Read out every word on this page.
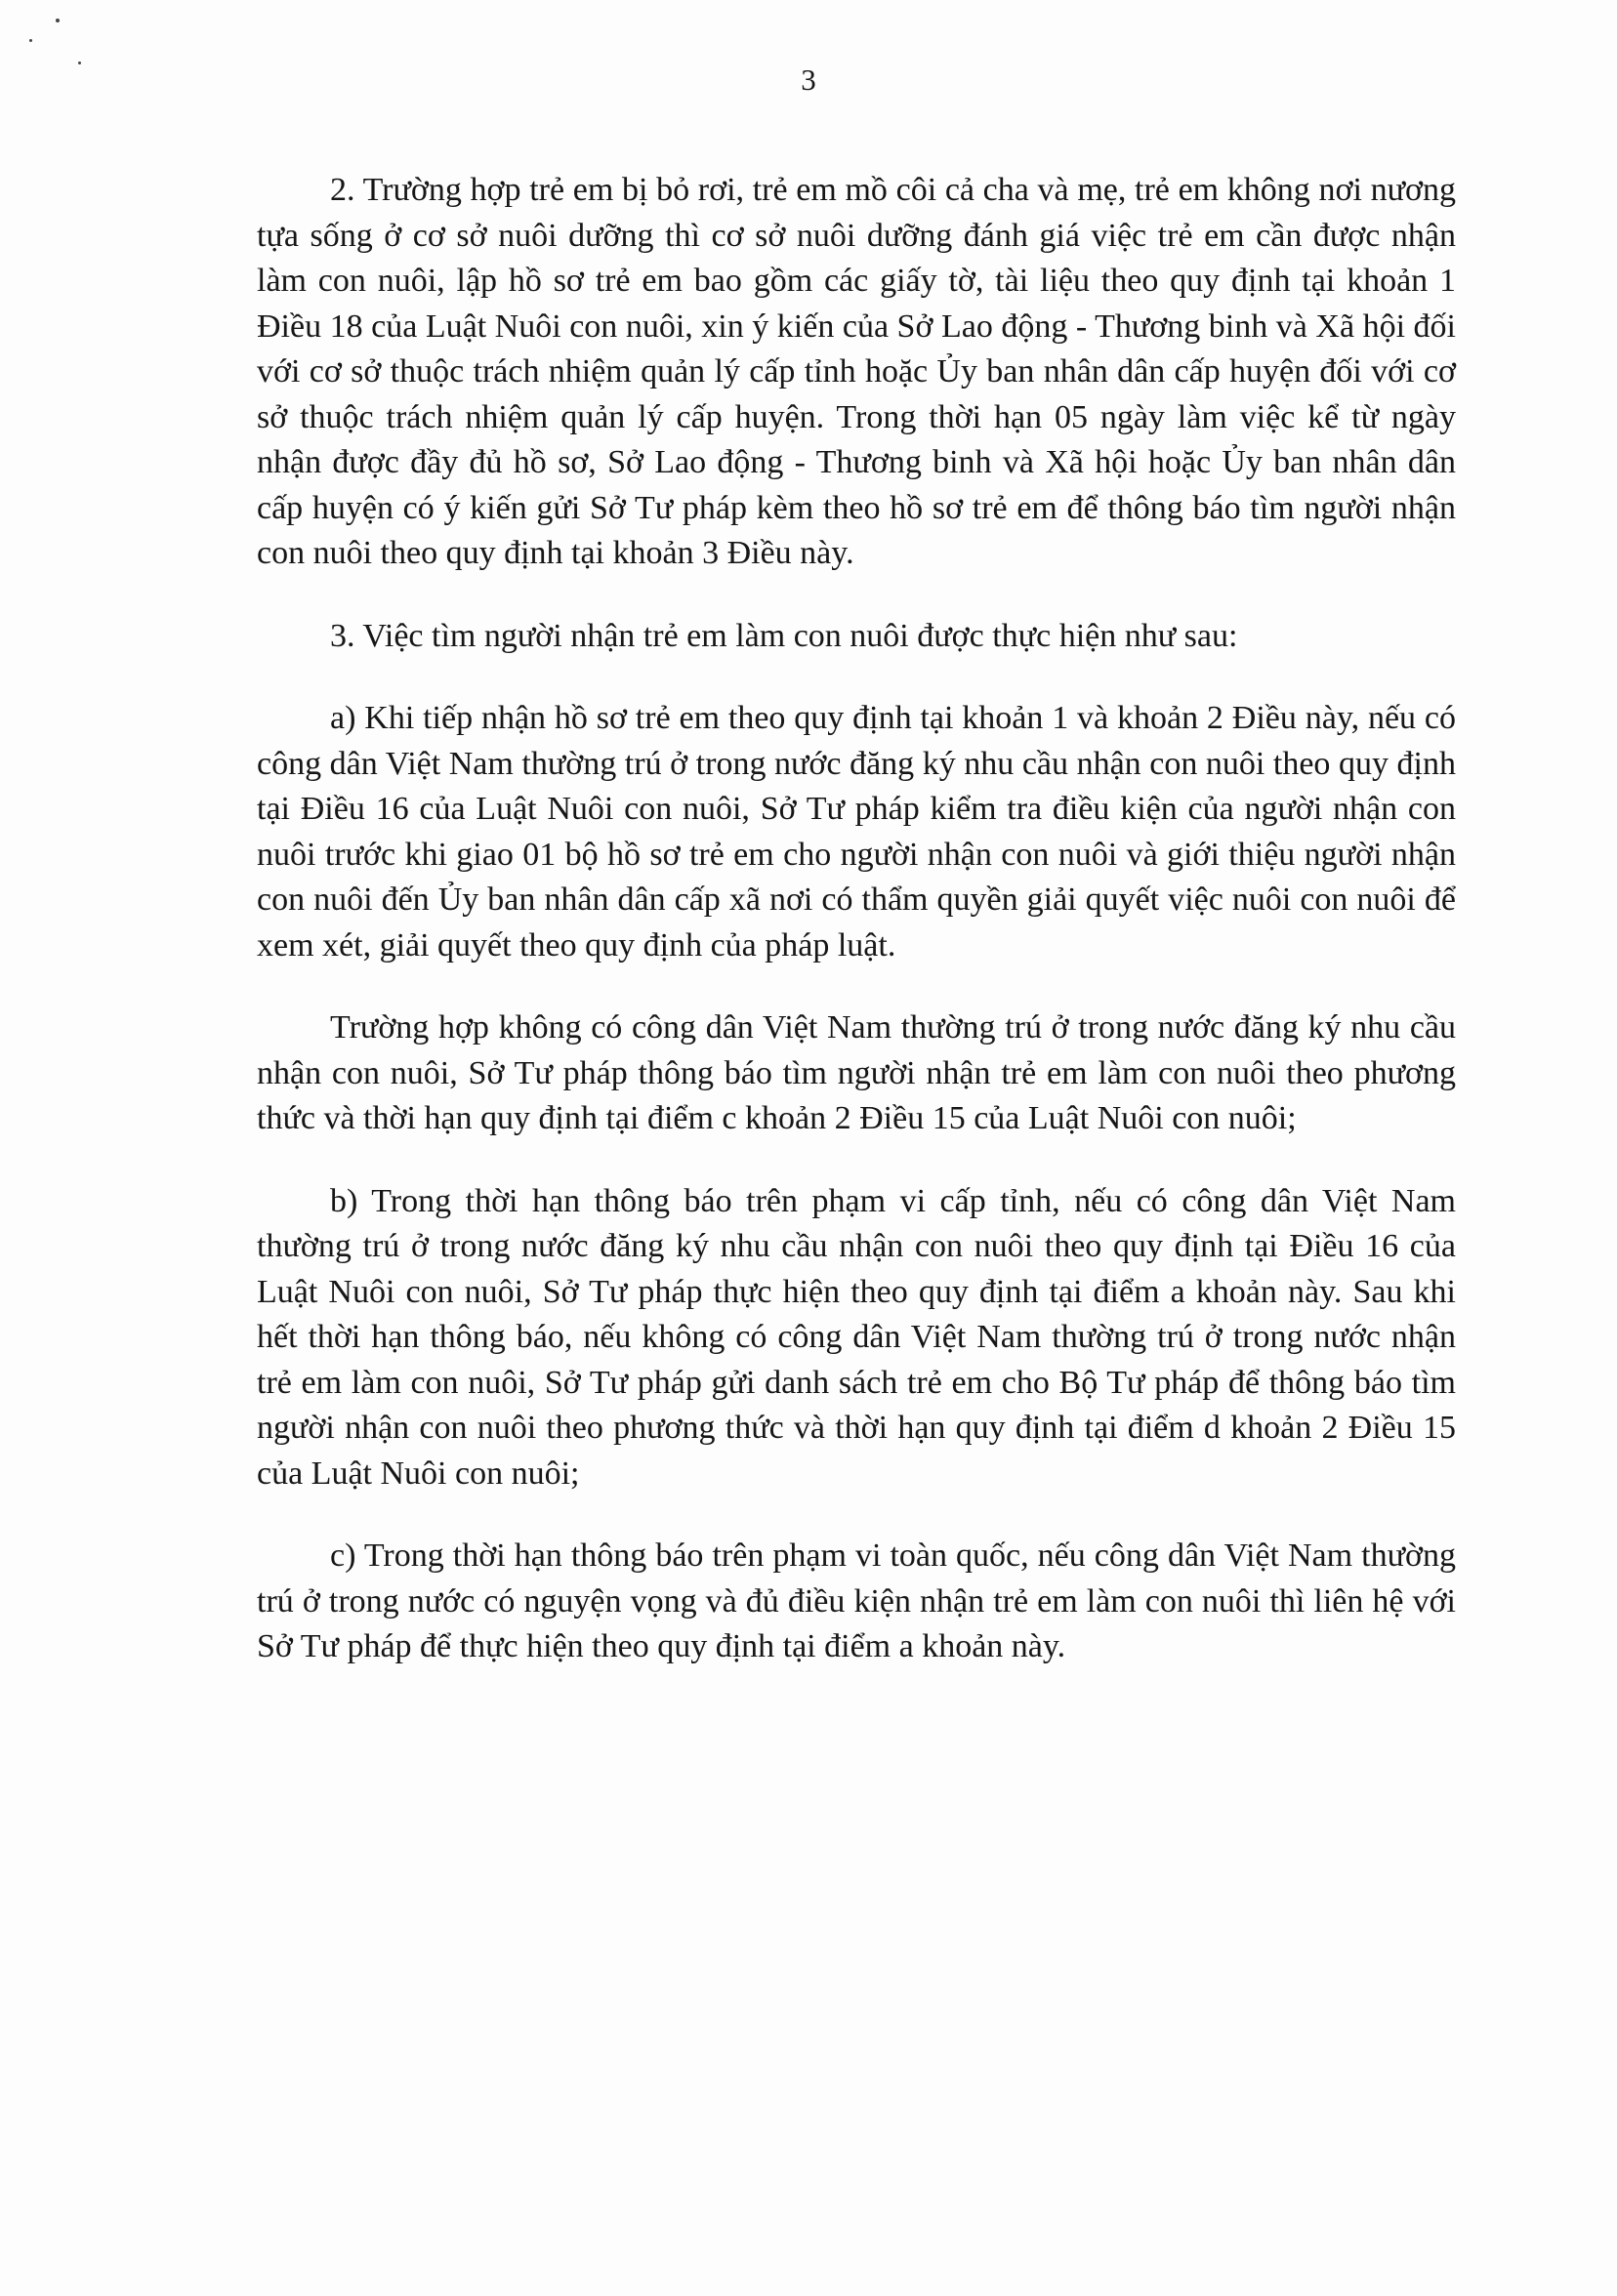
3

2. Trường hợp trẻ em bị bỏ rơi, trẻ em mồ côi cả cha và mẹ, trẻ em không nơi nương tựa sống ở cơ sở nuôi dưỡng thì cơ sở nuôi dưỡng đánh giá việc trẻ em cần được nhận làm con nuôi, lập hồ sơ trẻ em bao gồm các giấy tờ, tài liệu theo quy định tại khoản 1 Điều 18 của Luật Nuôi con nuôi, xin ý kiến của Sở Lao động - Thương binh và Xã hội đối với cơ sở thuộc trách nhiệm quản lý cấp tỉnh hoặc Ủy ban nhân dân cấp huyện đối với cơ sở thuộc trách nhiệm quản lý cấp huyện. Trong thời hạn 05 ngày làm việc kể từ ngày nhận được đầy đủ hồ sơ, Sở Lao động - Thương binh và Xã hội hoặc Ủy ban nhân dân cấp huyện có ý kiến gửi Sở Tư pháp kèm theo hồ sơ trẻ em để thông báo tìm người nhận con nuôi theo quy định tại khoản 3 Điều này.

3. Việc tìm người nhận trẻ em làm con nuôi được thực hiện như sau:

a) Khi tiếp nhận hồ sơ trẻ em theo quy định tại khoản 1 và khoản 2 Điều này, nếu có công dân Việt Nam thường trú ở trong nước đăng ký nhu cầu nhận con nuôi theo quy định tại Điều 16 của Luật Nuôi con nuôi, Sở Tư pháp kiểm tra điều kiện của người nhận con nuôi trước khi giao 01 bộ hồ sơ trẻ em cho người nhận con nuôi và giới thiệu người nhận con nuôi đến Ủy ban nhân dân cấp xã nơi có thẩm quyền giải quyết việc nuôi con nuôi để xem xét, giải quyết theo quy định của pháp luật.

Trường hợp không có công dân Việt Nam thường trú ở trong nước đăng ký nhu cầu nhận con nuôi, Sở Tư pháp thông báo tìm người nhận trẻ em làm con nuôi theo phương thức và thời hạn quy định tại điểm c khoản 2 Điều 15 của Luật Nuôi con nuôi;

b) Trong thời hạn thông báo trên phạm vi cấp tỉnh, nếu có công dân Việt Nam thường trú ở trong nước đăng ký nhu cầu nhận con nuôi theo quy định tại Điều 16 của Luật Nuôi con nuôi, Sở Tư pháp thực hiện theo quy định tại điểm a khoản này. Sau khi hết thời hạn thông báo, nếu không có công dân Việt Nam thường trú ở trong nước nhận trẻ em làm con nuôi, Sở Tư pháp gửi danh sách trẻ em cho Bộ Tư pháp để thông báo tìm người nhận con nuôi theo phương thức và thời hạn quy định tại điểm d khoản 2 Điều 15 của Luật Nuôi con nuôi;

c) Trong thời hạn thông báo trên phạm vi toàn quốc, nếu công dân Việt Nam thường trú ở trong nước có nguyện vọng và đủ điều kiện nhận trẻ em làm con nuôi thì liên hệ với Sở Tư pháp để thực hiện theo quy định tại điểm a khoản này.
